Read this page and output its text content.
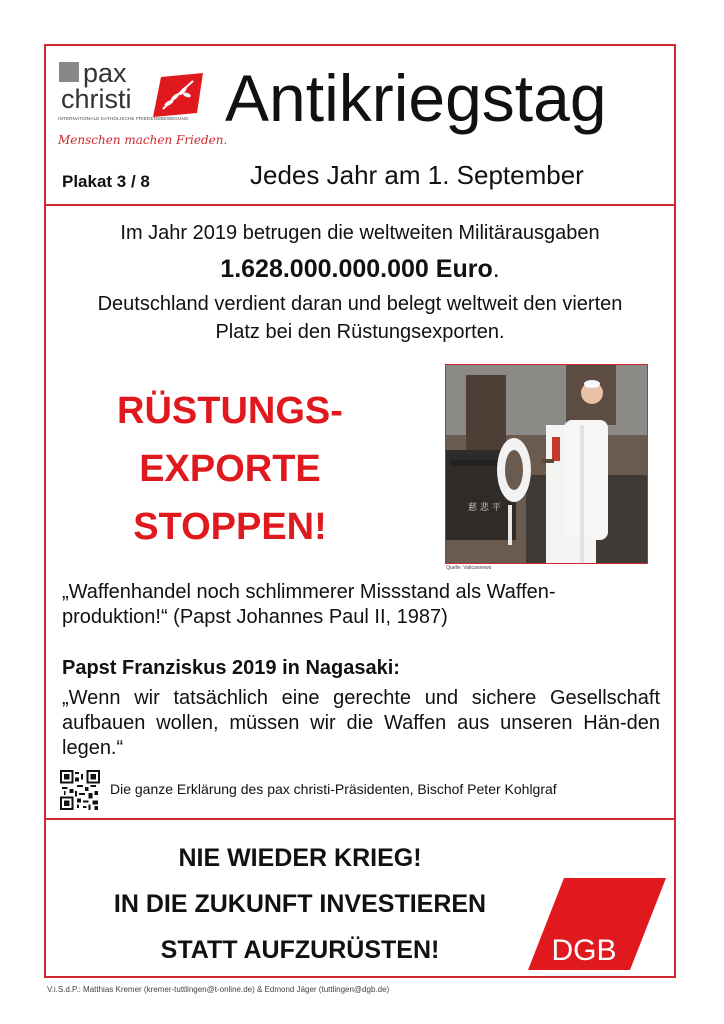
pax
christi
INTERNATIONALE KATHOLISCHE FRIEDENSBEWEGUNG
Menschen machen Frieden.
Plakat 3 / 8
Antikriegstag
Jedes Jahr am 1. September
Im Jahr 2019 betrugen die weltweiten Militärausgaben
1.628.000.000.000 Euro.
Deutschland verdient daran und belegt weltweit den vierten
Platz bei den Rüstungsexporten.
RÜSTUNGS-
EXPORTE
STOPPEN!	慈 悲 平
Quelle: Vaticannews
„Waffenhandel noch schlimmerer Missstand als Waffen-
produktion!“ (Papst Johannes Paul II, 1987)
Papst Franziskus 2019 in Nagasaki:
„Wenn wir tatsächlich eine gerechte und sichere Gesellschaft aufbauen wollen, müssen wir die Waffen aus unseren Hän-den legen.“
Die ganze Erklärung des pax christi-Präsidenten, Bischof Peter Kohlgraf
NIE WIEDER KRIEG!
IN DIE ZUKUNFT INVESTIEREN
STATT AUFZURÜSTEN!	DGB
V.i.S.d.P.: Matthias Kremer (kremer-tuttlingen@t-online.de) & Edmond Jäger (tuttlingen@dgb.de)
